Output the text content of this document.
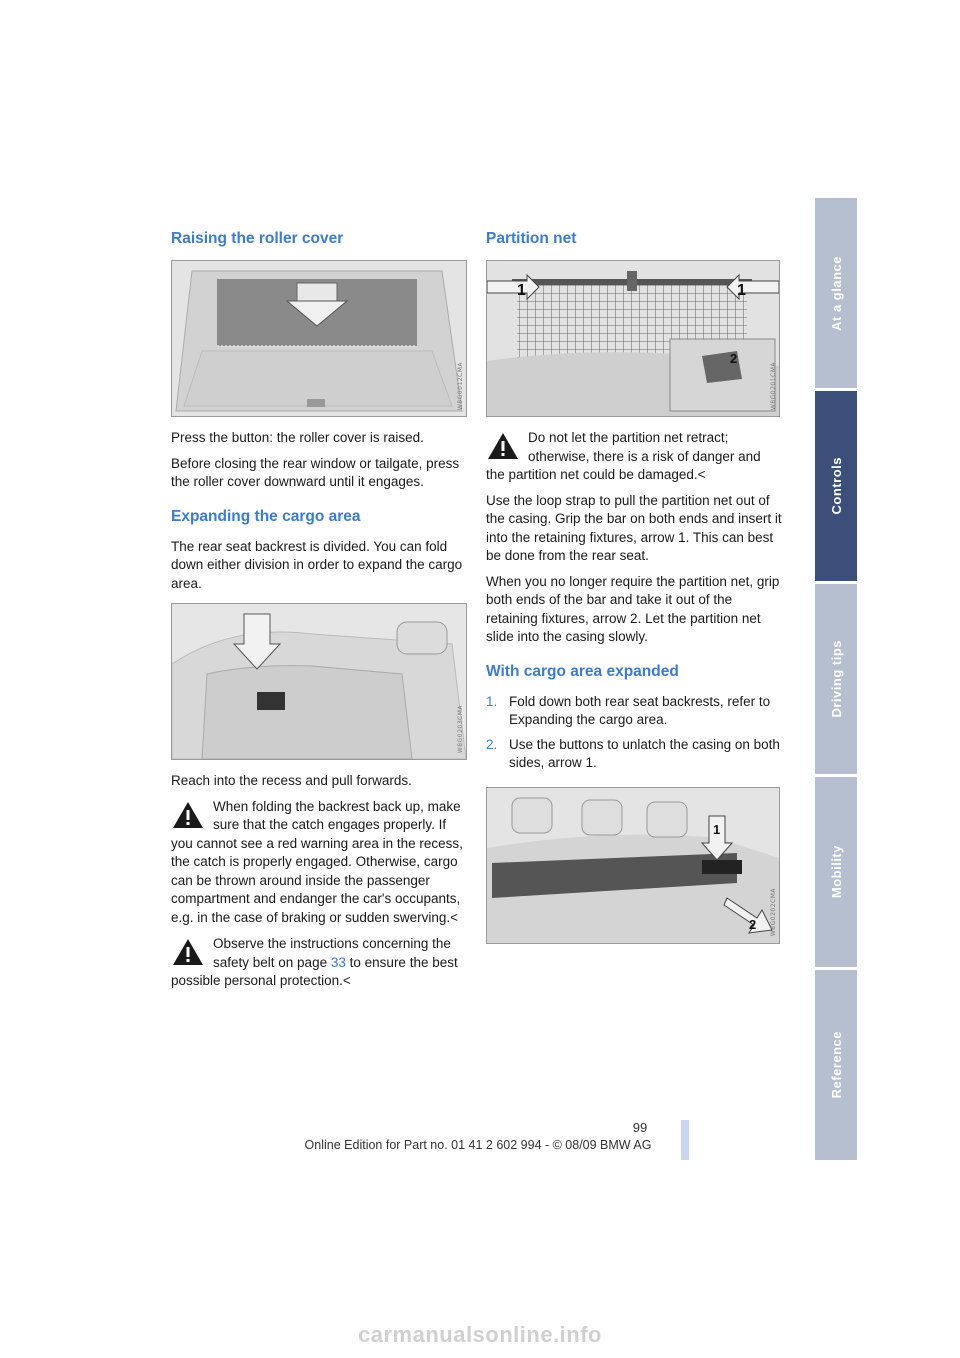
Raising the roller cover
W8G0012CMA

Press the button: the roller cover is raised.

Before closing the rear window or tailgate, press the roller cover downward until it engages.

Expanding the cargo area

The rear seat backrest is divided. You can fold down either division in order to expand the cargo area.

W8G0203CMA

Reach into the recess and pull forwards.

When folding the backrest back up, make sure that the catch engages properly. If you cannot see a red warning area in the recess, the catch is properly engaged. Otherwise, cargo can be thrown around inside the passenger compartment and endanger the car's occupants, e.g. in the case of braking or sudden swerving.<

Observe the instructions concerning the safety belt on page 33 to ensure the best possible personal protection.<

Partition net
1	1
2
W8G0201CMA

Do not let the partition net retract; otherwise, there is a risk of danger and the partition net could be damaged.<

Use the loop strap to pull the partition net out of the casing. Grip the bar on both ends and insert it into the retaining fixtures, arrow 1. This can best be done from the rear seat.

When you no longer require the partition net, grip both ends of the bar and take it out of the retaining fixtures, arrow 2. Let the partition net slide into the casing slowly.

With cargo area expanded
1. Fold down both rear seat backrests, refer to Expanding the cargo area.
2. Use the buttons to unlatch the casing on both sides, arrow 1.
1
2 W8G0202CMA
At a glance
Controls
Driving tips
Mobility
Reference
99
Online Edition for Part no. 01 41 2 602 994 - © 08/09 BMW AG
carmanualsonline.info
